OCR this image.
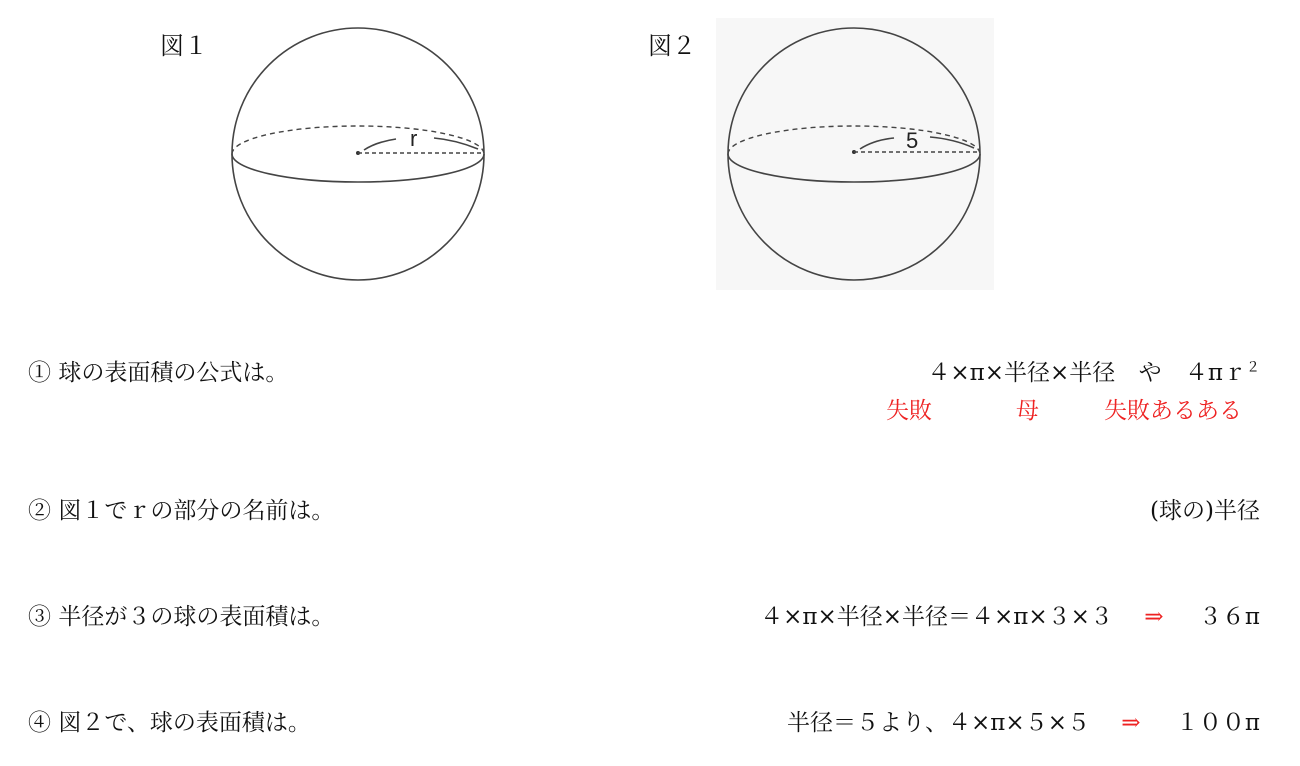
図１
r
図２
5
① 球の表面積の公式は。	４×π×半径×半径 や ４πｒ$^2$
失敗	母	失敗あるある
② 図１でｒの部分の名前は。	(球の)半径
③ 半径が３の球の表面積は。	４×π×半径×半径＝４×π×３×３ ⇒ ３６π
④ 図２で、球の表面積は。	半径＝５より、４×π×５×５ ⇒ １００π
